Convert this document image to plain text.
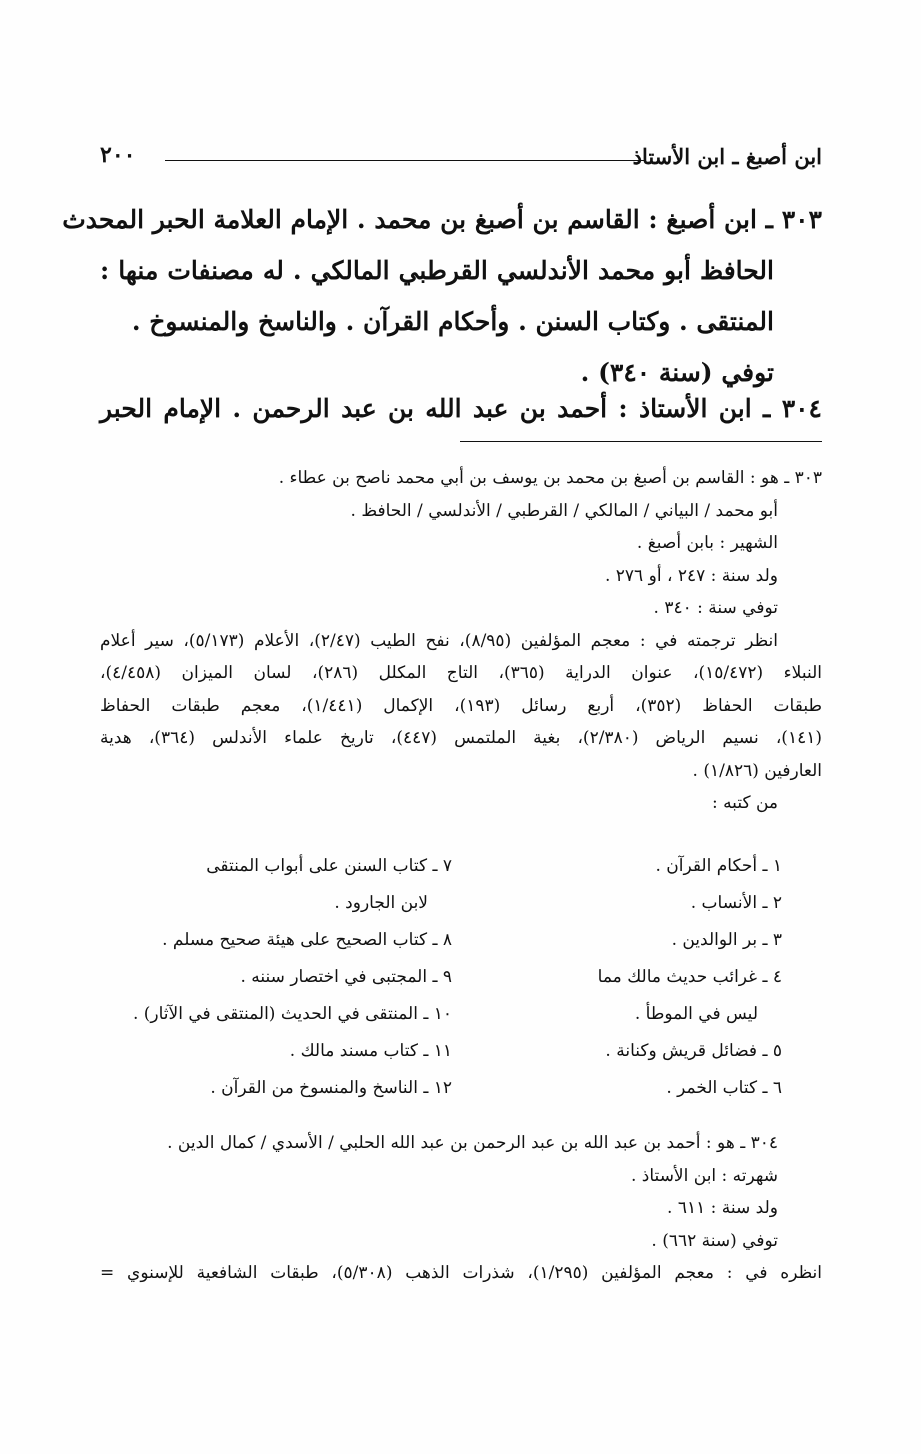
ابن أصبغ ـ ابن الأستاذ
٢٠٠

٣٠٣ ـ ابن أصبغ : القاسم بن أصبغ بن محمد . الإمام العلامة الحبر المحدث

الحافظ أبو محمد الأندلسي القرطبي المالكي . له مصنفات منها :

المنتقى . وكتاب السنن . وأحكام القرآن . والناسخ والمنسوخ .

توفي (سنة ٣٤٠) .

٣٠٤ ـ ابن الأستاذ : أحمد بن عبد الله بن عبد الرحمن . الإمام الحبر

٣٠٣ ـ هو : القاسم بن أصبغ بن محمد بن يوسف بن أبي محمد ناصح بن عطاء .

أبو محمد / البياني / المالكي / القرطبي / الأندلسي / الحافظ .

الشهير : بابن أصبغ .

ولد سنة : ٢٤٧ ، أو ٢٧٦ .

توفي سنة : ٣٤٠ .

انظر ترجمته في : معجم المؤلفين (٨/٩٥)، نفح الطيب (٢/٤٧)، الأعلام (٥/١٧٣)، سير أعلام

النبلاء (١٥/٤٧٢)، عنوان الدراية (٣٦٥)، التاج المكلل (٢٨٦)، لسان الميزان (٤/٤٥٨)،

طبقات الحفاظ (٣٥٢)، أربع رسائل (١٩٣)، الإكمال (١/٤٤١)، معجم طبقات الحفاظ

(١٤١)، نسيم الرياض (٢/٣٨٠)، بغية الملتمس (٤٤٧)، تاريخ علماء الأندلس (٣٦٤)، هدية

العارفين (١/٨٢٦) .

من كتبه :

١ ـ أحكام القرآن .
٢ ـ الأنساب .
٣ ـ بر الوالدين .
٤ ـ غرائب حديث مالك مما
ليس في الموطأ .
٥ ـ فضائل قريش وكنانة .
٦ ـ كتاب الخمر .
٧ ـ كتاب السنن على أبواب المنتقى
لابن الجارود .
٨ ـ كتاب الصحيح على هيئة صحيح مسلم .
٩ ـ المجتبى في اختصار سننه .
١٠ ـ المنتقى في الحديث (المنتقى في الآثار) .
١١ ـ كتاب مسند مالك .
١٢ ـ الناسخ والمنسوخ من القرآن .

٣٠٤ ـ هو : أحمد بن عبد الله بن عبد الرحمن بن عبد الله الحلبي / الأسدي / كمال الدين .

شهرته : ابن الأستاذ .

ولد سنة : ٦١١ .

توفي (سنة ٦٦٢) .

انظره في : معجم المؤلفين (١/٢٩٥)، شذرات الذهب (٥/٣٠٨)، طبقات الشافعية للإسنوي =
